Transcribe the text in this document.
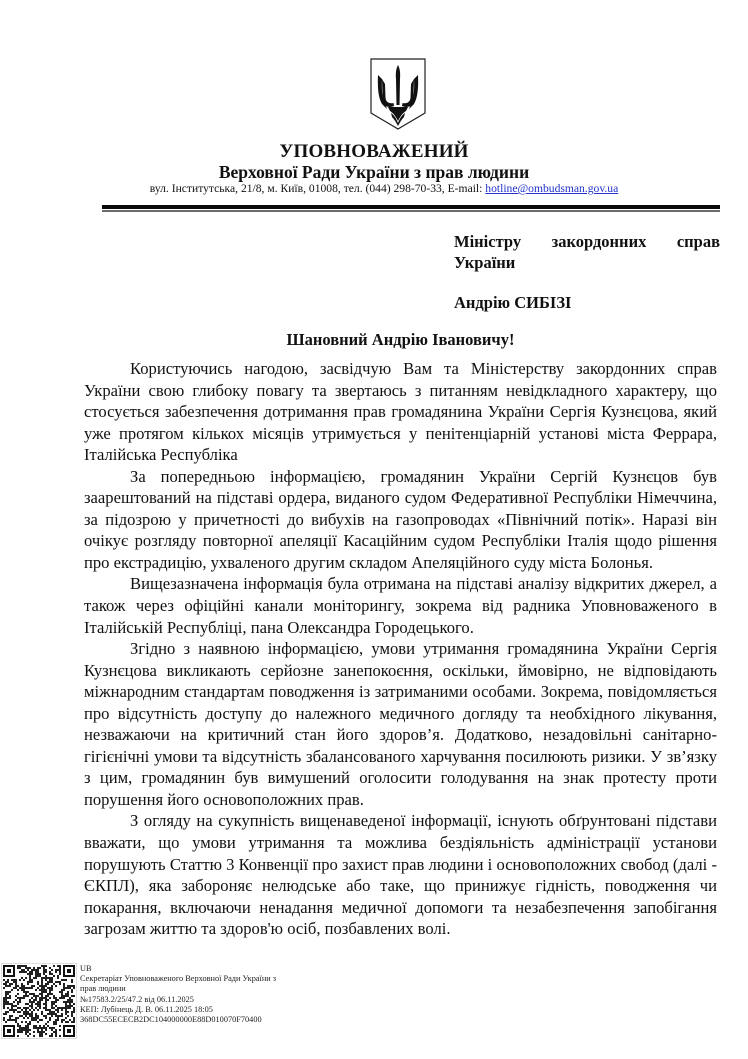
УПОВНОВАЖЕНИЙ
Верховної Ради України з прав людини
вул. Інститутська, 21/8, м. Київ, 01008, тел. (044) 298-70-33, E-mail: hotline@ombudsman.gov.ua
Міністру закордонних справ
України
Андрію СИБІЗІ
Шановний Андрію Івановичу!

Користуючись нагодою, засвідчую Вам та Міністерству закордонних справ України свою глибоку повагу та звертаюсь з питанням невідкладного характеру, що стосується забезпечення дотримання прав громадянина України Сергія Кузнєцова, який уже протягом кількох місяців утримується у пенітенціарній установі міста Феррара, Італійська Республіка

За попередньою інформацією, громадянин України Сергій Кузнєцов був заарештований на підставі ордера, виданого судом Федеративної Республіки Німеччина, за підозрою у причетності до вибухів на газопроводах «Північний потік». Наразі він очікує розгляду повторної апеляції Касаційним судом Республіки Італія щодо рішення про екстрадицію, ухваленого другим складом Апеляційного суду міста Болонья.

Вищезазначена інформація була отримана на підставі аналізу відкритих джерел, а також через офіційні канали моніторингу, зокрема від радника Уповноваженого в Італійській Республіці, пана Олександра Городецького.

Згідно з наявною інформацією, умови утримання громадянина України Сергія Кузнєцова викликають серйозне занепокоєння, оскільки, ймовірно, не відповідають міжнародним стандартам поводження із затриманими особами. Зокрема, повідомляється про відсутність доступу до належного медичного догляду та необхідного лікування, незважаючи на критичний стан його здоров’я. Додатково, незадовільні санітарно-гігієнічні умови та відсутність збалансованого харчування посилюють ризики. У зв’язку з цим, громадянин був вимушений оголосити голодування на знак протесту проти порушення його основоположних прав.

З огляду на сукупність вищенаведеної інформації, існують обґрунтовані підстави вважати, що умови утримання та можлива бездіяльність адміністрації установи порушують Статтю 3 Конвенції про захист прав людини і основоположних свобод (далі - ЄКПЛ), яка забороняє нелюдське або таке, що принижує гідність, поводження чи покарання, включаючи ненадання медичної допомоги та незабезпечення запобігання загрозам життю та здоров'ю осіб, позбавлених волі.

UB
Секретаріат Уповноваженого Верховної Ради України з
прав людини
№17583.2/25/47.2 від 06.11.2025
КЕП: Лубінець Д. В. 06.11.2025 18:05
368DC55ECECB2DC104000000E88D010070F70400
